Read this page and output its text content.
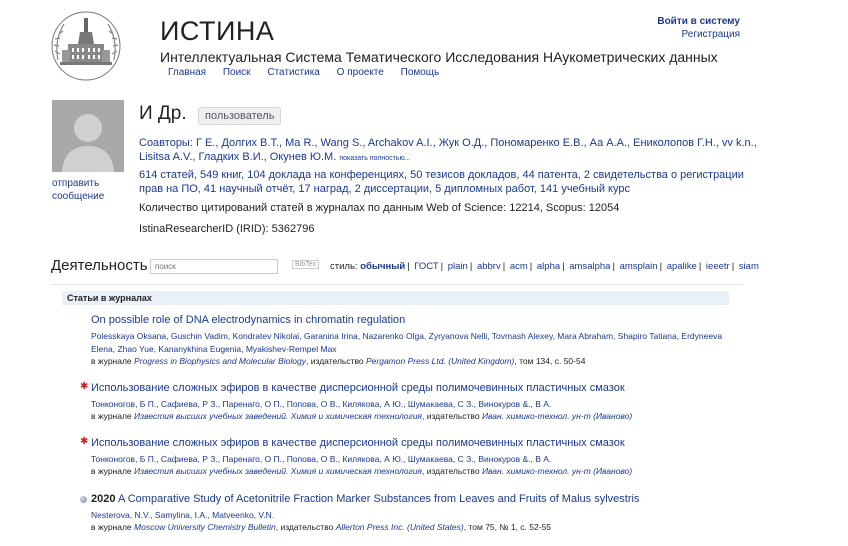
ИСТИНА
Интеллектуальная Система Тематического Исследования НАукометрических данных
Главная Поиск Статистика О проекте Помощь
Войти в систему
Регистрация
отправить сообщение
И Др.	пользователь
Соавторы: Г Е., Долгих В.Т., Ma R., Wang S., Archakov A.I., Жук О.Д., Пономаренко Е.В., Аа А.А., Ениколопов Г.Н., vv k.n., Lisitsa A.V., Гладких В.И., Окунев Ю.М. показать полностью...
614 статей, 549 книг, 104 доклада на конференциях, 50 тезисов докладов, 44 патента, 2 свидетельства о регистрации прав на ПО, 41 научный отчёт, 17 наград, 2 диссертации, 5 дипломных работ, 141 учебный курс
Количество цитирований статей в журналах по данным Web of Science: 12214, Scopus: 12054
IstinaResearcherID (IRID): 5362796
Деятельность
поиск	BibTex	стиль: обычный | ГОСТ | plain | abbrv | acm | alpha | amsalpha | amsplain | apalike | ieeetr | siam
Статьи в журналах
On possible role of DNA electrodynamics in chromatin regulation
Polesskaya Oksana, Guschin Vadim, Kondratev Nikolai, Garanina Irina, Nazarenko Olga, Zyryanova Nelli, Tovmash Alexey, Mara Abraham, Shapiro Tatiana, Erdyneeva Elena, Zhao Yue, Kananykhina Eugenia, Myakishev-Rempel Max
в журнале Progress in Biophysics and Molecular Biology, издательство Pergamon Press Ltd. (United Kingdom), том 134, с. 50-54
✱ Использование сложных эфиров в качестве дисперсионной среды полимочевинных пластичных смазок
Тонконогов, Б П., Сафиева, Р З., Паренаго, О П., Попова, О В., Килякова, А Ю., Шумакаева, С З., Винокуров &., В А.
в журнале Известия высших учебных заведений. Химия и химическая технология, издательство Иван. химико-технол. ун-т (Иваново)
✱ Использование сложных эфиров в качестве дисперсионной среды полимочевинных пластичных смазок
Тонконогов, Б П., Сафиева, Р З., Паренаго, О П., Попова, О В., Килякова, А Ю., Шумакаева, С З., Винокуров &., В А.
в журнале Известия высших учебных заведений. Химия и химическая технология, издательство Иван. химико-технол. ун-т (Иваново)
2020 A Comparative Study of Acetonitrile Fraction Marker Substances from Leaves and Fruits of Malus sylvestris
Nesterova, N.V., Samylina, I.A., Matveenko, V.N.
в журнале Moscow University Chemistry Bulletin, издательство Allerton Press Inc. (United States), том 75, № 1, с. 52-55
